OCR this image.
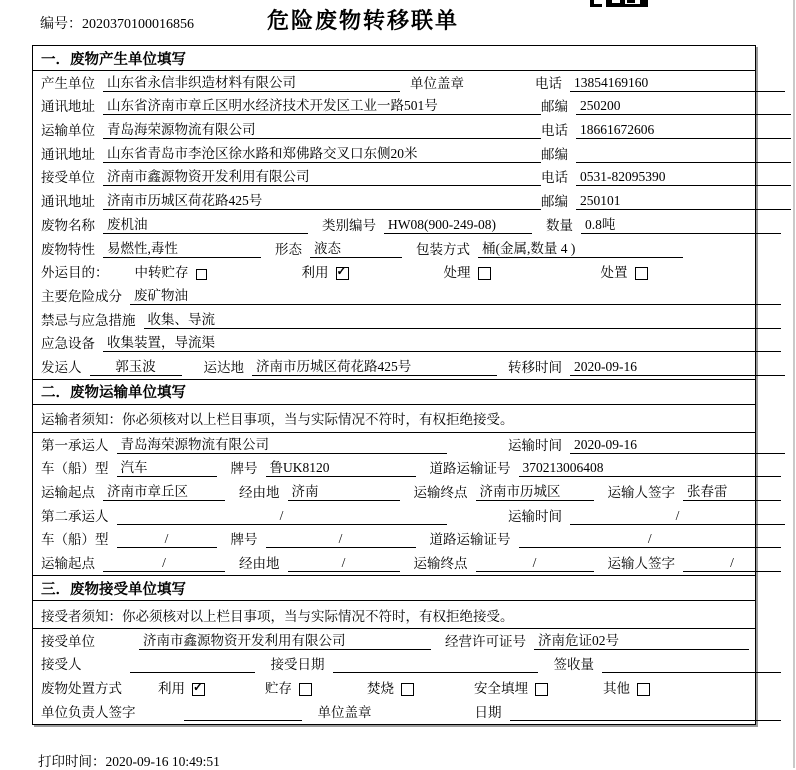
编号：2020370100016856	危险废物转移联单
一．废物产生单位填写
产生单位 山东省永信非织造材料有限公司	单位盖章	电话 13854169160
通讯地址 山东省济南市章丘区明水经济技术开发区工业一路501号	邮编 250200
运输单位 青岛海荣源物流有限公司	电话 18661672606
通讯地址 山东省青岛市李沧区徐水路和郑佛路交叉口东侧20米	邮编
接受单位 济南市鑫源物资开发利用有限公司	电话 0531-82095390
通讯地址 济南市历城区荷花路425号	邮编 250101
废物名称 废机油	类别编号 HW08(900-249-08)	数量 0.8吨
废物特性 易燃性,毒性	形态 液态	包装方式 桶(金属,数量 4 )
外运目的： 中转贮存	利用 ✓	处理	处置
主要危险成分 废矿物油
禁忌与应急措施 收集、导流
应急设备 收集装置，导流渠
发运人	郭玉波	运达地 济南市历城区荷花路425号	转移时间 2020-09-16
二．废物运输单位填写
运输者须知：你必须核对以上栏目事项，当与实际情况不符时，有权拒绝接受。
第一承运人 青岛海荣源物流有限公司	运输时间 2020-09-16
车（船）型 汽车	牌号 鲁UK8120	道路运输证号 370213006408
运输起点 济南市章丘区	经由地 济南	运输终点 济南市历城区	运输人签字 张春雷
第二承运人	/	运输时间	/
车（船）型	/	牌号	/	道路运输证号	/
运输起点	/	经由地	/	运输终点	/	运输人签字	/
三．废物接受单位填写
接受者须知：你必须核对以上栏目事项，当与实际情况不符时，有权拒绝接受。
接受单位	济南市鑫源物资开发利用有限公司	经营许可证号 济南危证02号
接受人	接受日期	签收量
废物处置方式	利用 ✓	贮存	焚烧	安全填埋	其他
单位负责人签字	单位盖章	日期
打印时间：2020-09-16 10:49:51
